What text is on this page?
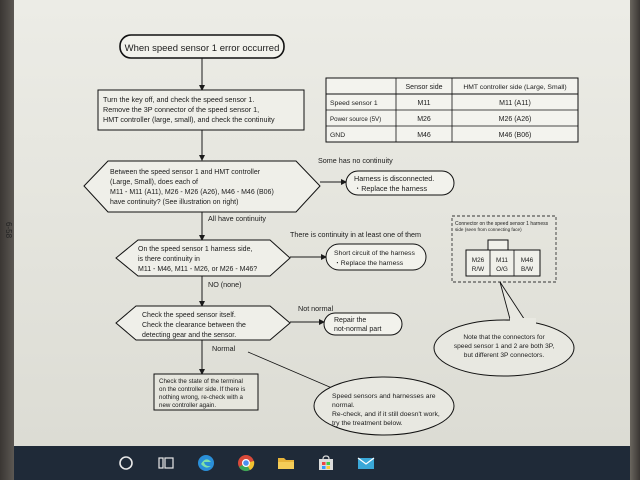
6-58
When speed sensor 1 error occurred
Turn the key off, and check the speed sensor 1.
Remove the 3P connector of the speed sensor 1,
HMT controller (large, small), and check the continuity
Between the speed sensor 1 and HMT controller
(Large, Small), does each of
M11 - M11 (A11), M26 - M26 (A26), M46 - M46 (B06)
have continuity? (See illustration on right)
Some has no continuity
All have continuity
Harness is disconnected.
・Replace the harness
On the speed sensor 1 harness side,
is there continuity in
M11 - M46, M11 - M26, or M26 - M46?
There is continuity in at least one of them
NO (none)
Short circuit of the harness
・Replace the harness
Check the speed sensor itself.
Check the clearance between the
detecting gear and the sensor.
Not normal
Normal
Repair the
not-normal part
Check the state of the terminal
on the controller side. If there is
nothing wrong, re-check with a
new controller again.
Speed sensors and harnesses are
normal.
Re-check, and if it still doesn't work,
try the treatment below.
Sensor side	HMT controller side (Large, Small)
Speed sensor 1	M11	M11 (A11)
Power source (5V)	M26	M26 (A26)
GND	M46	M46 (B06)
Connector on the speed sensor 1 harness
side (seen from connecting face)
M26
R/W
M11
O/G
M46
B/W
Note that the connectors for
speed sensor 1 and 2 are both 3P,
but different 3P connectors.
